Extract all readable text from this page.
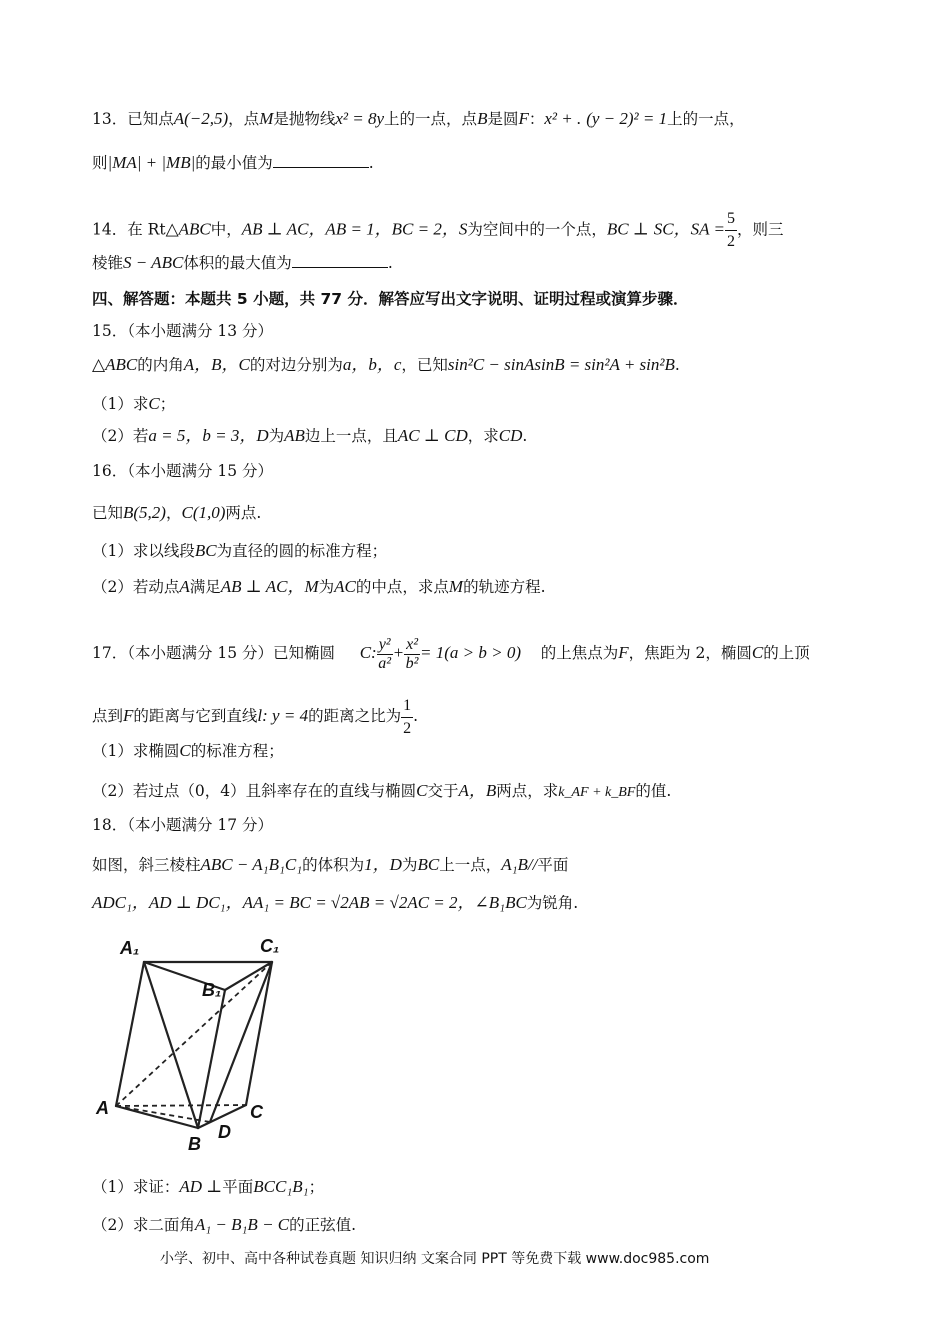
13．已知点A(−2,5)，点M是抛物线x² = 8y上的一点，点B是圆F：x² + . (y − 2)² = 1上的一点，
则|MA| + |MB|的最小值为	.
14．在 Rt△ABC中，AB ⊥ AC，AB = 1，BC = 2，S为空间中的一个点，BC ⊥ SC，SA = $\frac{5}{2}$ ，则三
棱锥S − ABC体积的最大值为	.
四、解答题：本题共 5 小题，共 77 分．解答应写出文字说明、证明过程或演算步骤．
15．（本小题满分 13 分）
△ABC的内角A，B，C的对边分别为a，b，c，已知sin²C − sinAsinB = sin²A + sin²B.
（1）求C；
（2）若a = 5，b = 3，D为AB边上一点，且AC ⊥ CD，求CD.
16．（本小题满分 15 分）
已知B(5,2)，C(1,0)两点.
（1）求以线段BC为直径的圆的标准方程；
（2）若动点A满足AB ⊥ AC，M为AC的中点，求点M的轨迹方程.
17．（本小题满分 15 分）已知椭圆 C: $\frac{\text{y²}}{\text{a²}} + \frac{\text{x²}}{\text{b²}} = 1(a > b > 0)$ 的上焦点为F，焦距为 2，椭圆C的上顶
点到F的距离与它到直线l: y = 4的距离之比为 $\frac{1}{2}$ .
（1）求椭圆C的标准方程；
（2）若过点（0，4）且斜率存在的直线与椭圆C交于A，B两点，求k_AF + k_BF的值.
18．（本小题满分 17 分）
如图，斜三棱柱ABC − A₁B₁C₁的体积为1，D为BC上一点，A₁B//平面
ADC₁，AD ⊥ DC₁，AA₁ = BC = √2AB = √2AC = 2，∠B₁BC为锐角.
A₁	C₁
B₁
A	C
B
D
（1）求证：AD ⊥平面BCC₁B₁；
（2）求二面角A₁ − B₁B − C的正弦值.
小学、初中、高中各种试卷真题 知识归纳 文案合同 PPT 等免费下载 www.doc985.com
